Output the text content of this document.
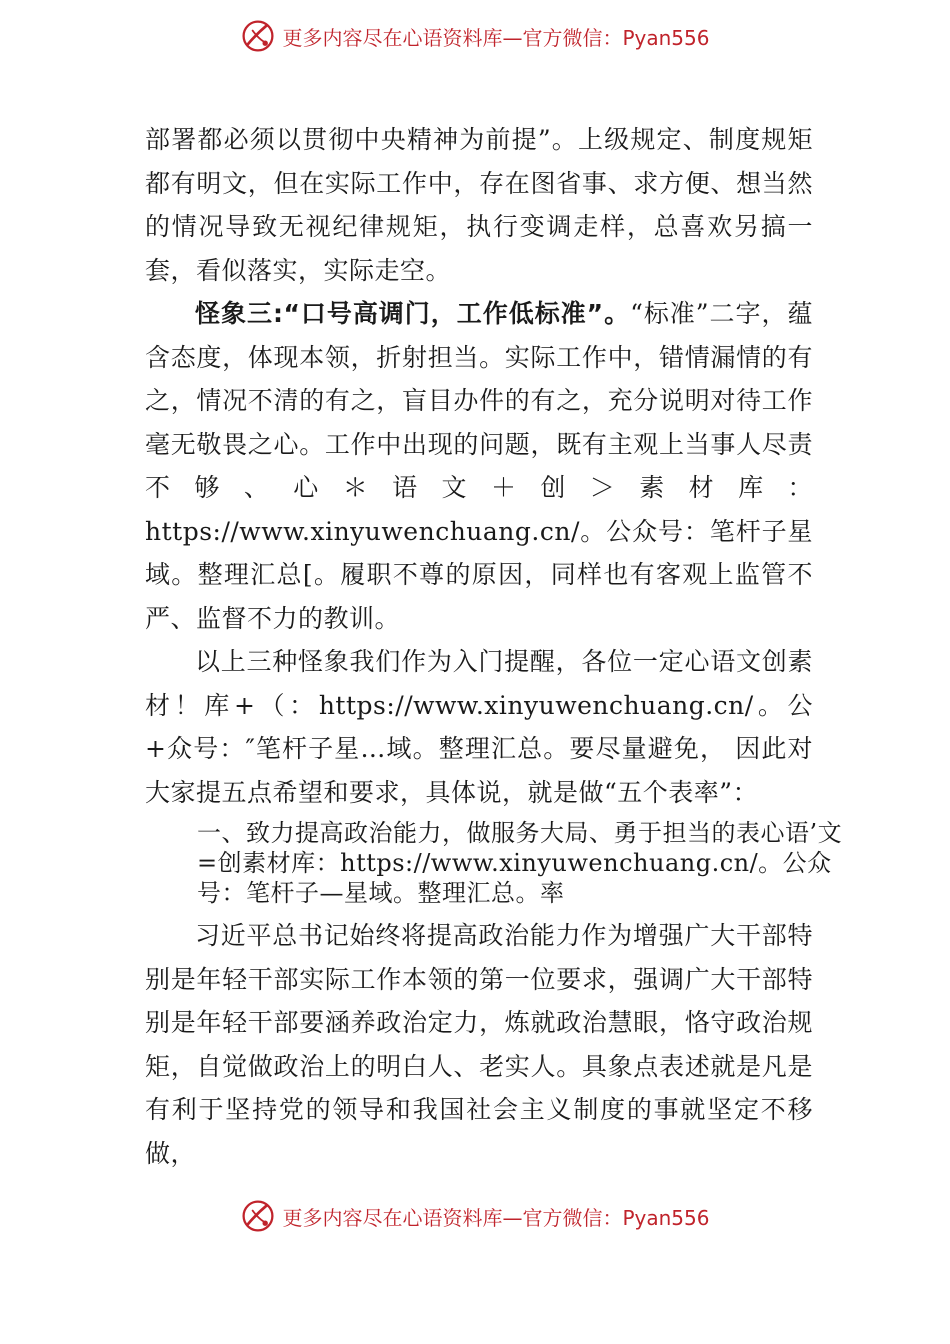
更多内容尽在心语资料库—官方微信：Pyan556

部署都必须以贯彻中央精神为前提”。上级规定、制度规矩都有明文，但在实际工作中，存在图省事、求方便、想当然的情况导致无视纪律规矩，执行变调走样，总喜欢另搞一套，看似落实，实际走空。

怪象三:“口号高调门，工作低标准”。“标准”二字，蕴含态度，体现本领，折射担当。实际工作中，错情漏情的有之，情况不清的有之，盲目办件的有之，充分说明对待工作毫无敬畏之心。工作中出现的问题，既有主观上当事人尽责不够、心＊语文＋创＞素材库：https://www.xinyuwenchuang.cn/。公众号：笔杆子星域。整理汇总[。履职不尊的原因，同样也有客观上监管不严、监督不力的教训。

以上三种怪象我们作为入门提醒，各位一定心语文创素材！库+（：https://www.xinyuwenchuang.cn/。公+众号：″笔杆子星…域。整理汇总。要尽量避免， 因此对大家提五点希望和要求，具体说，就是做“五个表率”：

一、致力提高政治能力，做服务大局、勇于担当的表心语’文=创素材库：https://www.xinyuwenchuang.cn/。公众号：笔杆子—星域。整理汇总。率

习近平总书记始终将提高政治能力作为增强广大干部特别是年轻干部实际工作本领的第一位要求，强调广大干部特别是年轻干部要涵养政治定力，炼就政治慧眼，恪守政治规矩，自觉做政治上的明白人、老实人。具象点表述就是凡是有利于坚持党的领导和我国社会主义制度的事就坚定不移做，

更多内容尽在心语资料库—官方微信：Pyan556
